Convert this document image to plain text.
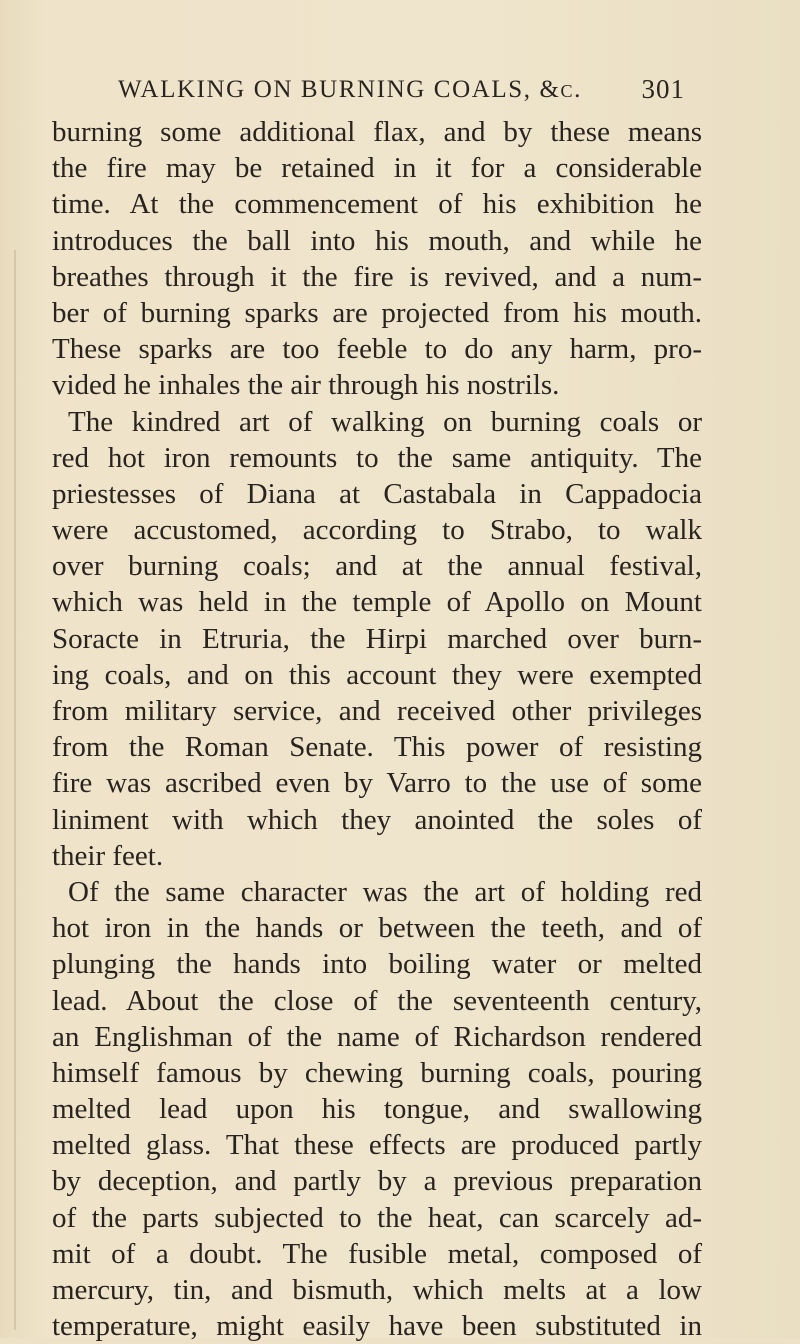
WALKING ON BURNING COALS, &c. 301
burning some additional flax, and by these means
the fire may be retained in it for a considerable
time. At the commencement of his exhibition he
introduces the ball into his mouth, and while he
breathes through it the fire is revived, and a num-
ber of burning sparks are projected from his mouth.
These sparks are too feeble to do any harm, pro-
vided he inhales the air through his nostrils.
The kindred art of walking on burning coals or
red hot iron remounts to the same antiquity. The
priestesses of Diana at Castabala in Cappadocia
were accustomed, according to Strabo, to walk
over burning coals; and at the annual festival,
which was held in the temple of Apollo on Mount
Soracte in Etruria, the Hirpi marched over burn-
ing coals, and on this account they were exempted
from military service, and received other privileges
from the Roman Senate. This power of resisting
fire was ascribed even by Varro to the use of some
liniment with which they anointed the soles of
their feet.
Of the same character was the art of holding red
hot iron in the hands or between the teeth, and of
plunging the hands into boiling water or melted
lead. About the close of the seventeenth century,
an Englishman of the name of Richardson rendered
himself famous by chewing burning coals, pouring
melted lead upon his tongue, and swallowing
melted glass. That these effects are produced partly
by deception, and partly by a previous preparation
of the parts subjected to the heat, can scarcely ad-
mit of a doubt. The fusible metal, composed of
mercury, tin, and bismuth, which melts at a low
temperature, might easily have been substituted in
